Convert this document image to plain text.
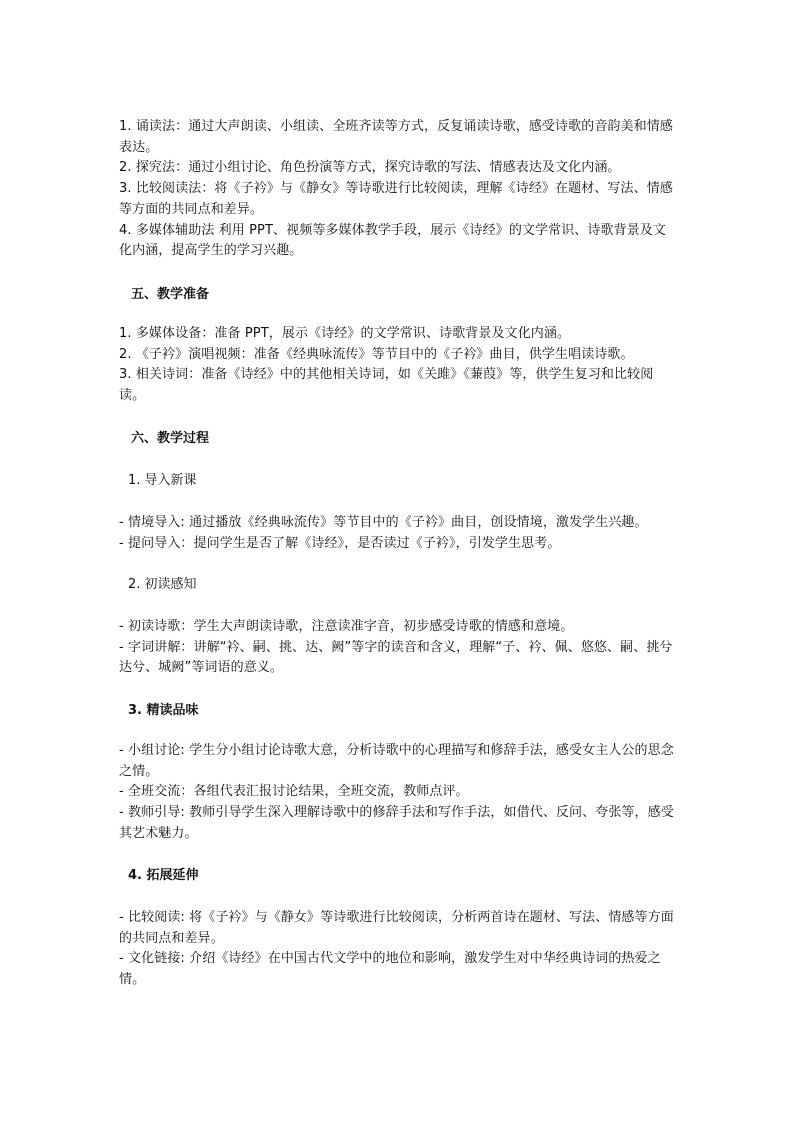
1. 诵读法：通过大声朗读、小组读、全班齐读等方式，反复诵读诗歌，感受诗歌的音韵美和情感表达。

2. 探究法：通过小组讨论、角色扮演等方式，探究诗歌的写法、情感表达及文化内涵。

3. 比较阅读法：将《子衿》与《静女》等诗歌进行比较阅读，理解《诗经》在题材、写法、情感等方面的共同点和差异。

4. 多媒体辅助法 利用 PPT、视频等多媒体教学手段，展示《诗经》的文学常识、诗歌背景及文化内涵，提高学生的学习兴趣。

五、教学准备

1. 多媒体设备：准备 PPT，展示《诗经》的文学常识、诗歌背景及文化内涵。

2. 《子衿》演唱视频：准备《经典咏流传》等节目中的《子衿》曲目，供学生唱读诗歌。

3. 相关诗词：准备《诗经》中的其他相关诗词，如《关雎》《蒹葭》等，供学生复习和比较阅读。

六、教学过程
1. 导入新课

- 情境导入: 通过播放《经典咏流传》等节目中的《子衿》曲目，创设情境，激发学生兴趣。

- 提问导入：提问学生是否了解《诗经》，是否读过《子衿》，引发学生思考。

2. 初读感知

- 初读诗歌：学生大声朗读诗歌，注意读准字音，初步感受诗歌的情感和意境。

- 字词讲解：讲解“衿、嗣、挑、达、阙”等字的读音和含义，理解“子、衿、佩、悠悠、嗣、挑兮达兮、城阙”等词语的意义。

3. 精读品味

- 小组讨论: 学生分小组讨论诗歌大意，分析诗歌中的心理描写和修辞手法，感受女主人公的思念之情。

- 全班交流：各组代表汇报讨论结果，全班交流，教师点评。

- 教师引导: 教师引导学生深入理解诗歌中的修辞手法和写作手法，如借代、反问、夸张等，感受其艺术魅力。

4. 拓展延伸

- 比较阅读: 将《子衿》与《静女》等诗歌进行比较阅读，分析两首诗在题材、写法、情感等方面的共同点和差异。

- 文化链接: 介绍《诗经》在中国古代文学中的地位和影响，激发学生对中华经典诗词的热爱之情。
